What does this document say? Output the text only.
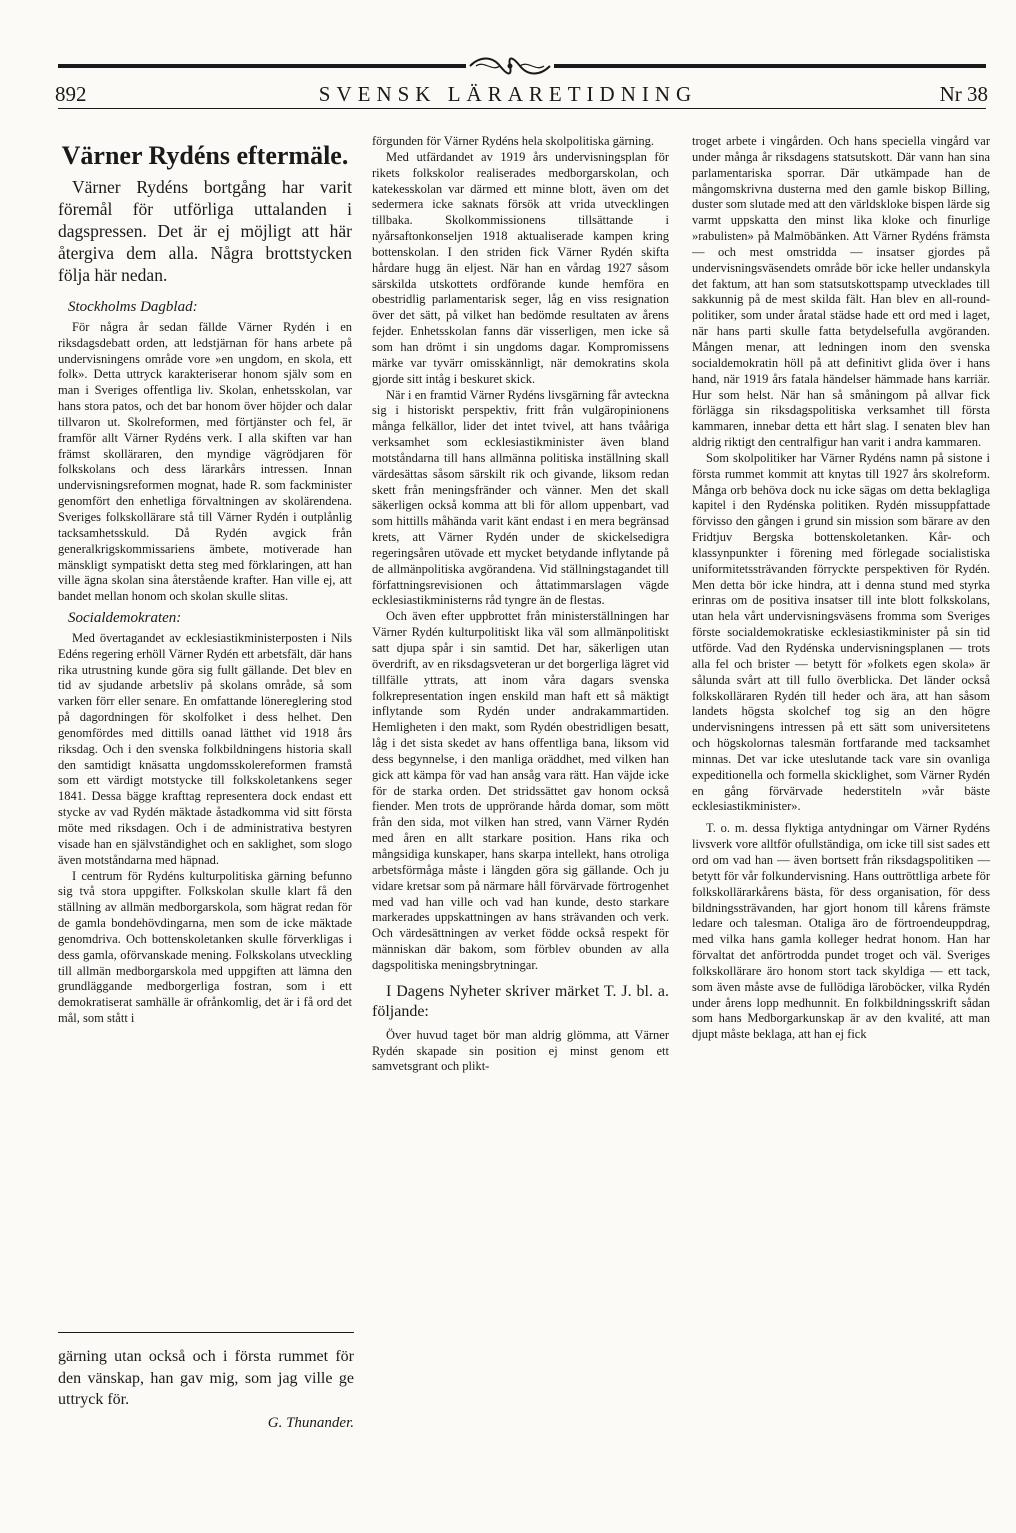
892	SVENSK LÄRARETIDNING	Nr 38
Värner Rydéns eftermäle.

Värner Rydéns bortgång har varit föremål för utförliga uttalanden i dagspressen. Det är ej möjligt att här återgiva dem alla. Några brottstycken följa här nedan.

Stockholms Dagblad:

För några år sedan fällde Värner Rydén i en riksdagsdebatt orden, att ledstjärnan för hans arbete på undervisningens område vore »en ungdom, en skola, ett folk». Detta uttryck karakteriserar honom själv som en man i Sveriges offentliga liv. Skolan, enhetsskolan, var hans stora patos, och det bar honom över höjder och dalar tillvaron ut. Skolreformen, med förtjänster och fel, är framför allt Värner Rydéns verk. I alla skiften var han främst skolläraren, den myndige vägrödjaren för folkskolans och dess lärarkårs intressen. Innan undervisningsreformen mognat, hade R. som fackminister genomfört den enhetliga förvaltningen av skolärendena. Sveriges folkskollärare stå till Värner Rydén i outplånlig tacksamhetsskuld. Då Rydén avgick från generalkrigskommissariens ämbete, motiverade han mänskligt sympatiskt detta steg med förklaringen, att han ville ägna skolan sina återstående krafter. Han ville ej, att bandet mellan honom och skolan skulle slitas.

Socialdemokraten:

Med övertagandet av ecklesiastikministerposten i Nils Edéns regering erhöll Värner Rydén ett arbetsfält, där hans rika utrustning kunde göra sig fullt gällande. Det blev en tid av sjudande arbetsliv på skolans område, så som varken förr eller senare. En omfattande lönereglering stod på dagordningen för skolfolket i dess helhet. Den genomfördes med dittills oanad lätthet vid 1918 års riksdag. Och i den svenska folkbildningens historia skall den samtidigt knäsatta ungdomsskolereformen framstå som ett värdigt motstycke till folkskoletankens seger 1841. Dessa bägge krafttag representera dock endast ett stycke av vad Rydén mäktade åstadkomma vid sitt första möte med riksdagen. Och i de administrativa bestyren visade han en självständighet och en saklighet, som slogo även motståndarna med häpnad.

I centrum för Rydéns kulturpolitiska gärning befunno sig två stora uppgifter. Folkskolan skulle klart få den ställning av allmän medborgarskola, som hägrat redan för de gamla bondehövdingarna, men som de icke mäktade genomdriva. Och bottenskoletanken skulle förverkligas i dess gamla, oförvanskade mening. Folkskolans utveckling till allmän medborgarskola med uppgiften att lämna den grundläggande medborgerliga fostran, som i ett demokratiserat samhälle är ofrånkomlig, det är i få ord det mål, som stått i

gärning utan också och i första rummet för den vänskap, han gav mig, som jag ville ge uttryck för.

G. Thunander.

förgunden för Värner Rydéns hela skolpolitiska gärning.

Med utfärdandet av 1919 års undervisningsplan för rikets folkskolor realiserades medborgarskolan, och katekesskolan var därmed ett minne blott, även om det sedermera icke saknats försök att vrida utvecklingen tillbaka. Skolkommissionens tillsättande i nyårsaftonkonseljen 1918 aktualiserade kampen kring bottenskolan. I den striden fick Värner Rydén skifta hårdare hugg än eljest. När han en vårdag 1927 såsom särskilda utskottets ordförande kunde hemföra en obestridlig parlamentarisk seger, låg en viss resignation över det sätt, på vilket han bedömde resultaten av årens fejder. Enhetsskolan fanns där visserligen, men icke så som han drömt i sin ungdoms dagar. Kompromissens märke var tyvärr omisskännligt, när demokratins skola gjorde sitt intåg i beskuret skick.

När i en framtid Värner Rydéns livsgärning får avteckna sig i historiskt perspektiv, fritt från vulgäropinionens många felkällor, lider det intet tvivel, att hans tvååriga verksamhet som ecklesiastikminister även bland motståndarna till hans allmänna politiska inställning skall värdesättas såsom särskilt rik och givande, liksom redan skett från meningsfränder och vänner. Men det skall säkerligen också komma att bli för allom uppenbart, vad som hittills måhända varit känt endast i en mera begränsad krets, att Värner Rydén under de skickelsedigra regeringsåren utövade ett mycket betydande inflytande på de allmänpolitiska avgörandena. Vid ställningstagandet till författningsrevisionen och åttatimmarslagen vägde ecklesiastikministerns råd tyngre än de flestas.

Och även efter uppbrottet från ministerställningen har Värner Rydén kulturpolitiskt lika väl som allmänpolitiskt satt djupa spår i sin samtid. Det har, säkerligen utan överdrift, av en riksdagsveteran ur det borgerliga lägret vid tillfälle yttrats, att inom våra dagars svenska folkrepresentation ingen enskild man haft ett så mäktigt inflytande som Rydén under andrakammartiden. Hemligheten i den makt, som Rydén obestridligen besatt, låg i det sista skedet av hans offentliga bana, liksom vid dess begynnelse, i den manliga oräddhet, med vilken han gick att kämpa för vad han ansåg vara rätt. Han väjde icke för de starka orden. Det stridssättet gav honom också fiender. Men trots de upprörande hårda domar, som mött från den sida, mot vilken han stred, vann Värner Rydén med åren en allt starkare position. Hans rika och mångsidiga kunskaper, hans skarpa intellekt, hans otroliga arbetsförmåga måste i längden göra sig gällande. Och ju vidare kretsar som på närmare håll förvärvade förtrogenhet med vad han ville och vad han kunde, desto starkare markerades uppskattningen av hans strävanden och verk. Och värdesättningen av verket födde också respekt för människan där bakom, som förblev obunden av alla dagspolitiska meningsbrytningar.

I Dagens Nyheter skriver märket T. J. bl. a. följande:

Över huvud taget bör man aldrig glömma, att Värner Rydén skapade sin position ej minst genom ett samvetsgrant och plikt-

troget arbete i vingården. Och hans speciella vingård var under många år riksdagens statsutskott. Där vann han sina parlamentariska sporrar. Där utkämpade han de mångomskrivna dusterna med den gamle biskop Billing, duster som slutade med att den världskloke bispen lärde sig varmt uppskatta den minst lika kloke och finurlige »rabulisten» på Malmöbänken. Att Värner Rydéns främsta — och mest omstridda — insatser gjordes på undervisningsväsendets område bör icke heller undanskyla det faktum, att han som statsutskottspamp utvecklades till sakkunnig på de mest skilda fält. Han blev en all-round-politiker, som under åratal städse hade ett ord med i laget, när hans parti skulle fatta betydelsefulla avgöranden. Mången menar, att ledningen inom den svenska socialdemokratin höll på att definitivt glida över i hans hand, när 1919 års fatala händelser hämmade hans karriär. Hur som helst. När han så småningom på allvar fick förlägga sin riksdagspolitiska verksamhet till första kammaren, innebar detta ett hårt slag. I senaten blev han aldrig riktigt den centralfigur han varit i andra kammaren.

Som skolpolitiker har Värner Rydéns namn på sistone i första rummet kommit att knytas till 1927 års skolreform. Många orb behöva dock nu icke sägas om detta beklagliga kapitel i den Rydénska politiken. Rydén missuppfattade förvisso den gången i grund sin mission som bärare av den Fridtjuv Bergska bottenskoletanken. Kår- och klassynpunkter i förening med förlegade socialistiska uniformitetssträvanden förryckte perspektiven för Rydén. Men detta bör icke hindra, att i denna stund med styrka erinras om de positiva insatser till inte blott folkskolans, utan hela vårt undervisningsväsens fromma som Sveriges förste socialdemokratiske ecklesiastikminister på sin tid utförde. Vad den Rydénska undervisningsplanen — trots alla fel och brister — betytt för »folkets egen skola» är sålunda svårt att till fullo överblicka. Det länder också folkskolläraren Rydén till heder och ära, att han såsom landets högsta skolchef tog sig an den högre undervisningens intressen på ett sätt som universitetens och högskolornas talesmän fortfarande med tacksamhet minnas. Det var icke uteslutande tack vare sin ovanliga expeditionella och formella skicklighet, som Värner Rydén en gång förvärvade hederstiteln »vår bäste ecklesiastikminister».

T. o. m. dessa flyktiga antydningar om Värner Rydéns livsverk vore alltför ofullständiga, om icke till sist sades ett ord om vad han — även bortsett från riksdagspolitiken — betytt för vår folkundervisning. Hans outtröttliga arbete för folkskollärarkårens bästa, för dess organisation, för dess bildningssträvanden, har gjort honom till kårens främste ledare och talesman. Otaliga äro de förtroendeuppdrag, med vilka hans gamla kolleger hedrat honom. Han har förvaltat det anförtrodda pundet troget och väl. Sveriges folkskollärare äro honom stort tack skyldiga — ett tack, som även måste avse de fullödiga läroböcker, vilka Rydén under årens lopp medhunnit. En folkbildningsskrift sådan som hans Medborgarkunskap är av den kvalité, att man djupt måste beklaga, att han ej fick
